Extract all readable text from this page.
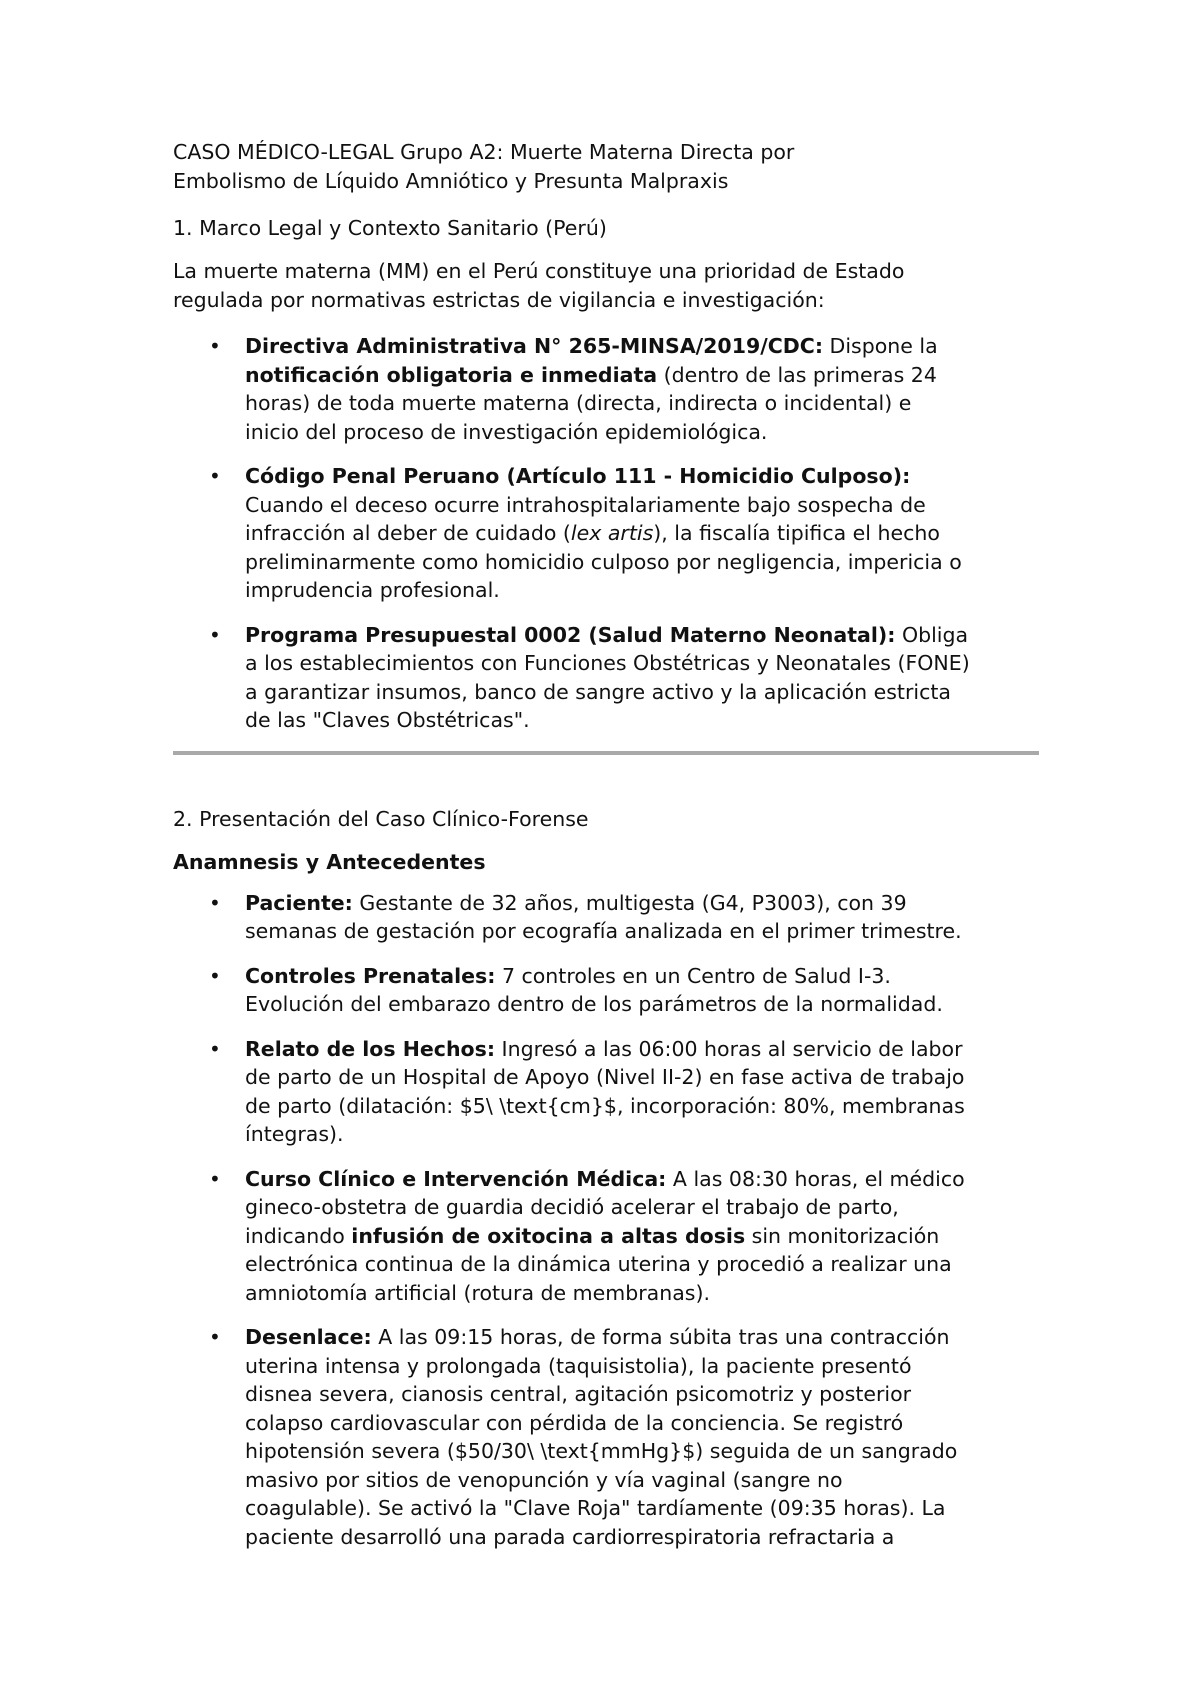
CASO MÉDICO-LEGAL Grupo A2: Muerte Materna Directa por
Embolismo de Líquido Amniótico y Presunta Malpraxis
1. Marco Legal y Contexto Sanitario (Perú)
La muerte materna (MM) en el Perú constituye una prioridad de Estado
regulada por normativas estrictas de vigilancia e investigación:
• Directiva Administrativa N° 265-MINSA/2019/CDC: Dispone la
notificación obligatoria e inmediata (dentro de las primeras 24
horas) de toda muerte materna (directa, indirecta o incidental) e
inicio del proceso de investigación epidemiológica.
• Código Penal Peruano (Artículo 111 - Homicidio Culposo):
Cuando el deceso ocurre intrahospitalariamente bajo sospecha de
infracción al deber de cuidado (lex artis), la fiscalía tipifica el hecho
preliminarmente como homicidio culposo por negligencia, impericia o
imprudencia profesional.
• Programa Presupuestal 0002 (Salud Materno Neonatal): Obliga
a los establecimientos con Funciones Obstétricas y Neonatales (FONE)
a garantizar insumos, banco de sangre activo y la aplicación estricta
de las "Claves Obstétricas".
2. Presentación del Caso Clínico-Forense
Anamnesis y Antecedentes
• Paciente: Gestante de 32 años, multigesta (G4, P3003), con 39
semanas de gestación por ecografía analizada en el primer trimestre.
• Controles Prenatales: 7 controles en un Centro de Salud I-3.
Evolución del embarazo dentro de los parámetros de la normalidad.
• Relato de los Hechos: Ingresó a las 06:00 horas al servicio de labor
de parto de un Hospital de Apoyo (Nivel II-2) en fase activa de trabajo
de parto (dilatación: $5\ \text{cm}$, incorporación: 80%, membranas
íntegras).
• Curso Clínico e Intervención Médica: A las 08:30 horas, el médico
gineco-obstetra de guardia decidió acelerar el trabajo de parto,
indicando infusión de oxitocina a altas dosis sin monitorización
electrónica continua de la dinámica uterina y procedió a realizar una
amniotomía artificial (rotura de membranas).
• Desenlace: A las 09:15 horas, de forma súbita tras una contracción
uterina intensa y prolongada (taquisistolia), la paciente presentó
disnea severa, cianosis central, agitación psicomotriz y posterior
colapso cardiovascular con pérdida de la conciencia. Se registró
hipotensión severa ($50/30\ \text{mmHg}$) seguida de un sangrado
masivo por sitios de venopunción y vía vaginal (sangre no
coagulable). Se activó la "Clave Roja" tardíamente (09:35 horas). La
paciente desarrolló una parada cardiorrespiratoria refractaria a
